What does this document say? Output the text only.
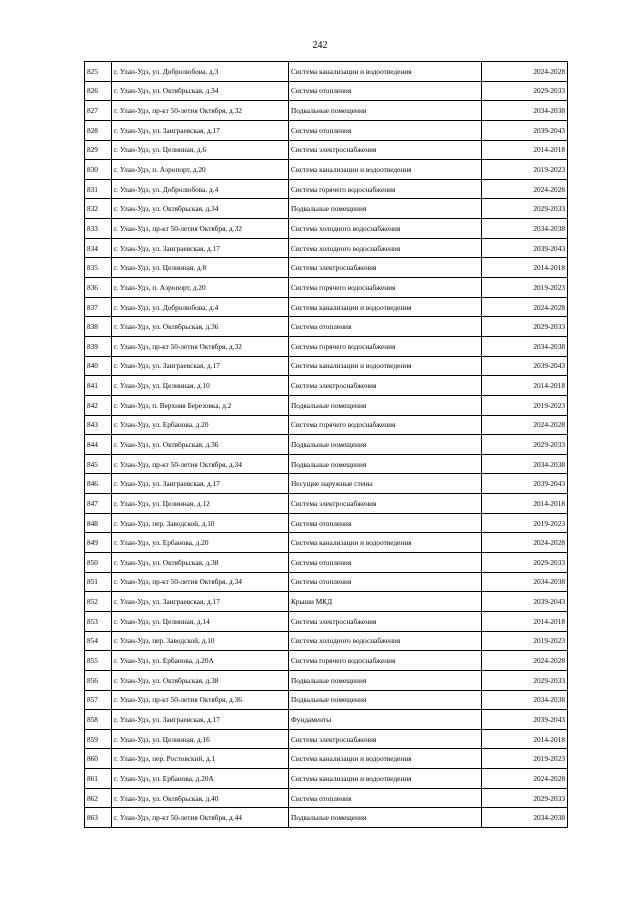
242
825	г. Улан-Удэ, ул. Добролюбова, д.3	Система канализации и водоотведения	2024-2028
826	г. Улан-Удэ, ул. Октябрьская, д.34	Система отопления	2029-2033
827	г. Улан-Удэ, пр-кт 50-летия Октября, д.32	Подвальные помещения	2034-2038
828	г. Улан-Удэ, ул. Заиграевская, д.17	Система отопления	2039-2043
829	г. Улан-Удэ, ул. Целинная, д.6	Система электроснабжения	2014-2018
830	г. Улан-Удэ, п. Аэропорт, д.20	Система канализации и водоотведения	2019-2023
831	г. Улан-Удэ, ул. Добролюбова, д.4	Система горячего водоснабжения	2024-2028
832	г. Улан-Удэ, ул. Октябрьская, д.34	Подвальные помещения	2029-2033
833	г. Улан-Удэ, пр-кт 50-летия Октября, д.32	Система холодного водоснабжения	2034-2038
834	г. Улан-Удэ, ул. Заиграевская, д.17	Система холодного водоснабжения	2039-2043
835	г. Улан-Удэ, ул. Целинная, д.8	Система электроснабжения	2014-2018
836	г. Улан-Удэ, п. Аэропорт, д.20	Система горячего водоснабжения	2019-2023
837	г. Улан-Удэ, ул. Добролюбова, д.4	Система канализации и водоотведения	2024-2028
838	г. Улан-Удэ, ул. Октябрьская, д.36	Система отопления	2029-2033
839	г. Улан-Удэ, пр-кт 50-летия Октября, д.32	Система горячего водоснабжения	2034-2038
840	г. Улан-Удэ, ул. Заиграевская, д.17	Система канализации и водоотведения	2039-2043
841	г. Улан-Удэ, ул. Целинная, д.10	Система электроснабжения	2014-2018
842	г. Улан-Удэ, п. Верхняя Березовка, д.2	Подвальные помещения	2019-2023
843	г. Улан-Удэ, ул. Ербанова, д.20	Система горячего водоснабжения	2024-2028
844	г. Улан-Удэ, ул. Октябрьская, д.36	Подвальные помещения	2029-2033
845	г. Улан-Удэ, пр-кт 50-летия Октября, д.34	Подвальные помещения	2034-2038
846	г. Улан-Удэ, ул. Заиграевская, д.17	Несущие наружные стены	2039-2043
847	г. Улан-Удэ, ул. Целинная, д.12	Система электроснабжения	2014-2018
848	г. Улан-Удэ, пер. Заводской, д.10	Система отопления	2019-2023
849	г. Улан-Удэ, ул. Ербанова, д.20	Система канализации и водоотведения	2024-2028
850	г. Улан-Удэ, ул. Октябрьская, д.38	Система отопления	2029-2033
851	г. Улан-Удэ, пр-кт 50-летия Октября, д.34	Система отопления	2034-2038
852	г. Улан-Удэ, ул. Заиграевская, д.17	Крыши МКД	2039-2043
853	г. Улан-Удэ, ул. Целинная, д.14	Система электроснабжения	2014-2018
854	г. Улан-Удэ, пер. Заводской, д.10	Система холодного водоснабжения	2019-2023
855	г. Улан-Удэ, ул. Ербанова, д.20А	Система горячего водоснабжения	2024-2028
856	г. Улан-Удэ, ул. Октябрьская, д.38	Подвальные помещения	2029-2033
857	г. Улан-Удэ, пр-кт 50-летия Октября, д.36	Подвальные помещения	2034-2038
858	г. Улан-Удэ, ул. Заиграевская, д.17	Фундаменты	2039-2043
859	г. Улан-Удэ, ул. Целинная, д.16	Система электроснабжения	2014-2018
860	г. Улан-Удэ, пер. Ростовский, д.1	Система канализации и водоотведения	2019-2023
861	г. Улан-Удэ, ул. Ербанова, д.20А	Система канализации и водоотведения	2024-2028
862	г. Улан-Удэ, ул. Октябрьская, д.40	Система отопления	2029-2033
863	г. Улан-Удэ, пр-кт 50-летия Октября, д.44	Подвальные помещения	2034-2038
